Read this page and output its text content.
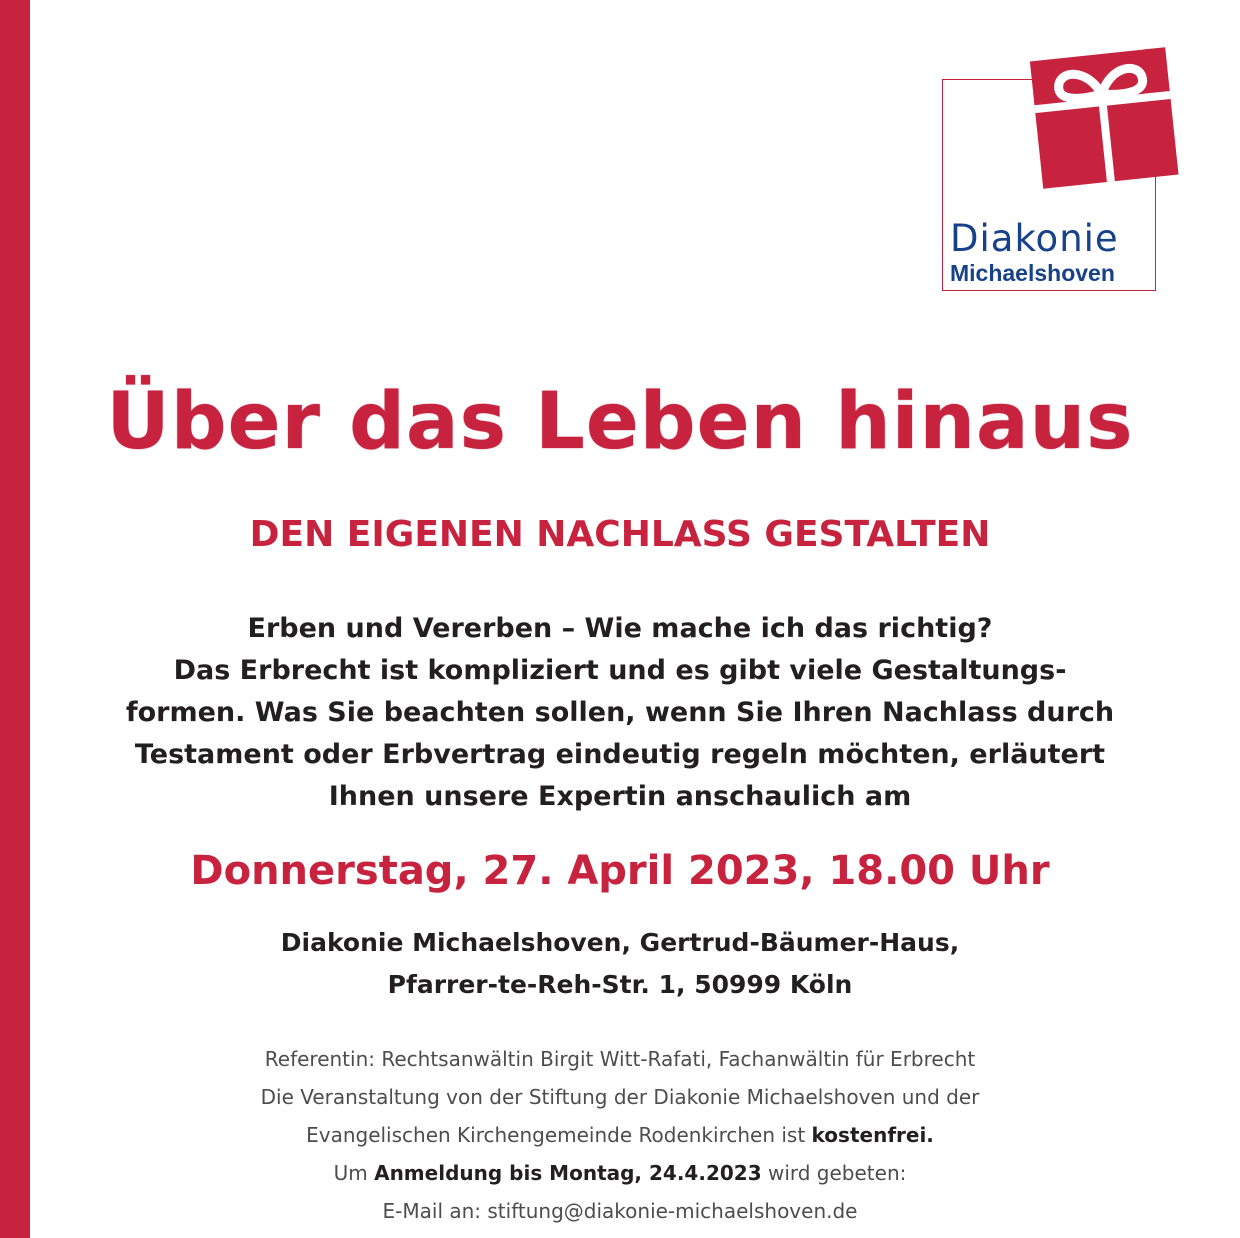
Diakonie
Michaelshoven
Über das Leben hinaus
DEN EIGENEN NACHLASS GESTALTEN
Erben und Vererben – Wie mache ich das richtig?
Das Erbrecht ist kompliziert und es gibt viele Gestaltungs-
formen. Was Sie beachten sollen, wenn Sie Ihren Nachlass durch
Testament oder Erbvertrag eindeutig regeln möchten, erläutert
Ihnen unsere Expertin anschaulich am
Donnerstag, 27. April 2023, 18.00 Uhr
Diakonie Michaelshoven, Gertrud-Bäumer-Haus,
Pfarrer-te-Reh-Str. 1, 50999 Köln
Referentin: Rechtsanwältin Birgit Witt-Rafati, Fachanwältin für Erbrecht
Die Veranstaltung von der Stiftung der Diakonie Michaelshoven und der
Evangelischen Kirchengemeinde Rodenkirchen ist kostenfrei.
Um Anmeldung bis Montag, 24.4.2023 wird gebeten:
E-Mail an: stiftung@diakonie-michaelshoven.de
